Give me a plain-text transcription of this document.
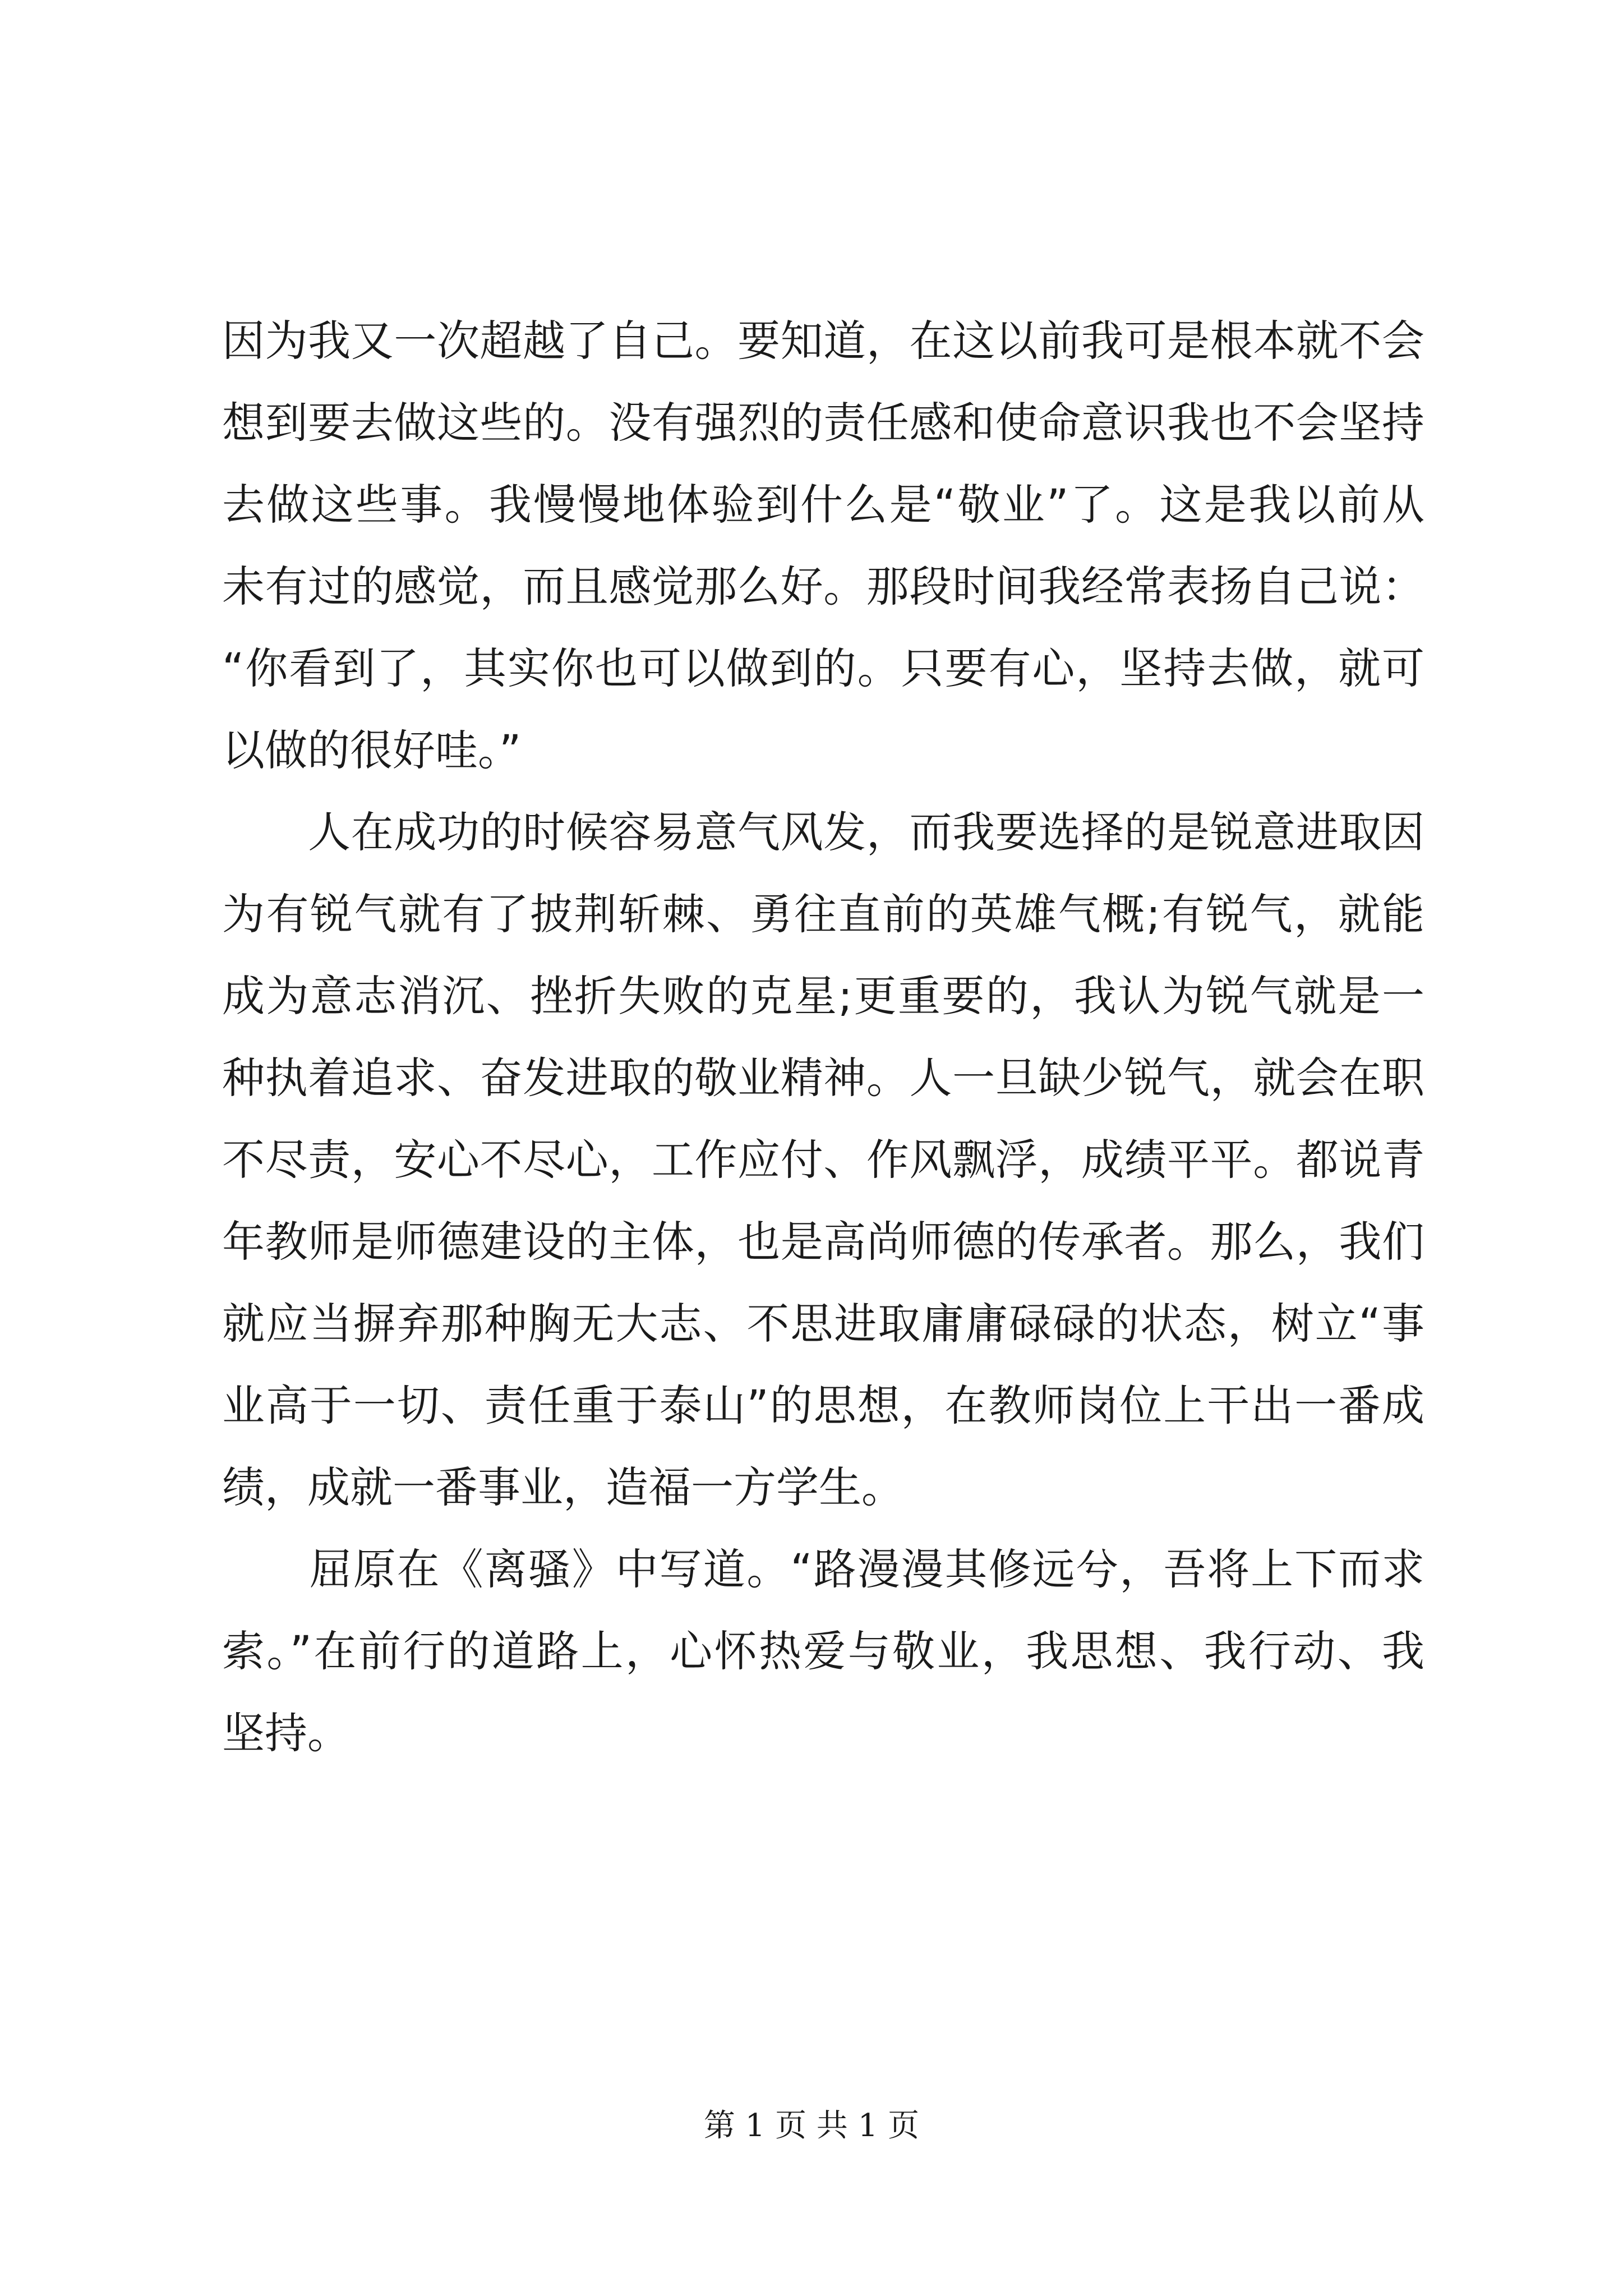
因为我又一次超越了自己。要知道，在这以前我可是根本就不会
想到要去做这些的。没有强烈的责任感和使命意识我也不会坚持
去做这些事。我慢慢地体验到什么是“敬业”了。这是我以前从
未有过的感觉，而且感觉那么好。那段时间我经常表扬自己说：
“你看到了，其实你也可以做到的。只要有心，坚持去做，就可
以做的很好哇。”
　　人在成功的时候容易意气风发，而我要选择的是锐意进取因
为有锐气就有了披荆斩棘、勇往直前的英雄气概;有锐气，就能
成为意志消沉、挫折失败的克星;更重要的，我认为锐气就是一
种执着追求、奋发进取的敬业精神。人一旦缺少锐气，就会在职
不尽责，安心不尽心，工作应付、作风飘浮，成绩平平。都说青
年教师是师德建设的主体，也是高尚师德的传承者。那么，我们
就应当摒弃那种胸无大志、不思进取庸庸碌碌的状态，树立“事
业高于一切、责任重于泰山”的思想，在教师岗位上干出一番成
绩，成就一番事业，造福一方学生。
　　屈原在《离骚》中写道。“路漫漫其修远兮，吾将上下而求
索。”在前行的道路上，心怀热爱与敬业，我思想、我行动、我
坚持。
第 1 页 共 1 页
